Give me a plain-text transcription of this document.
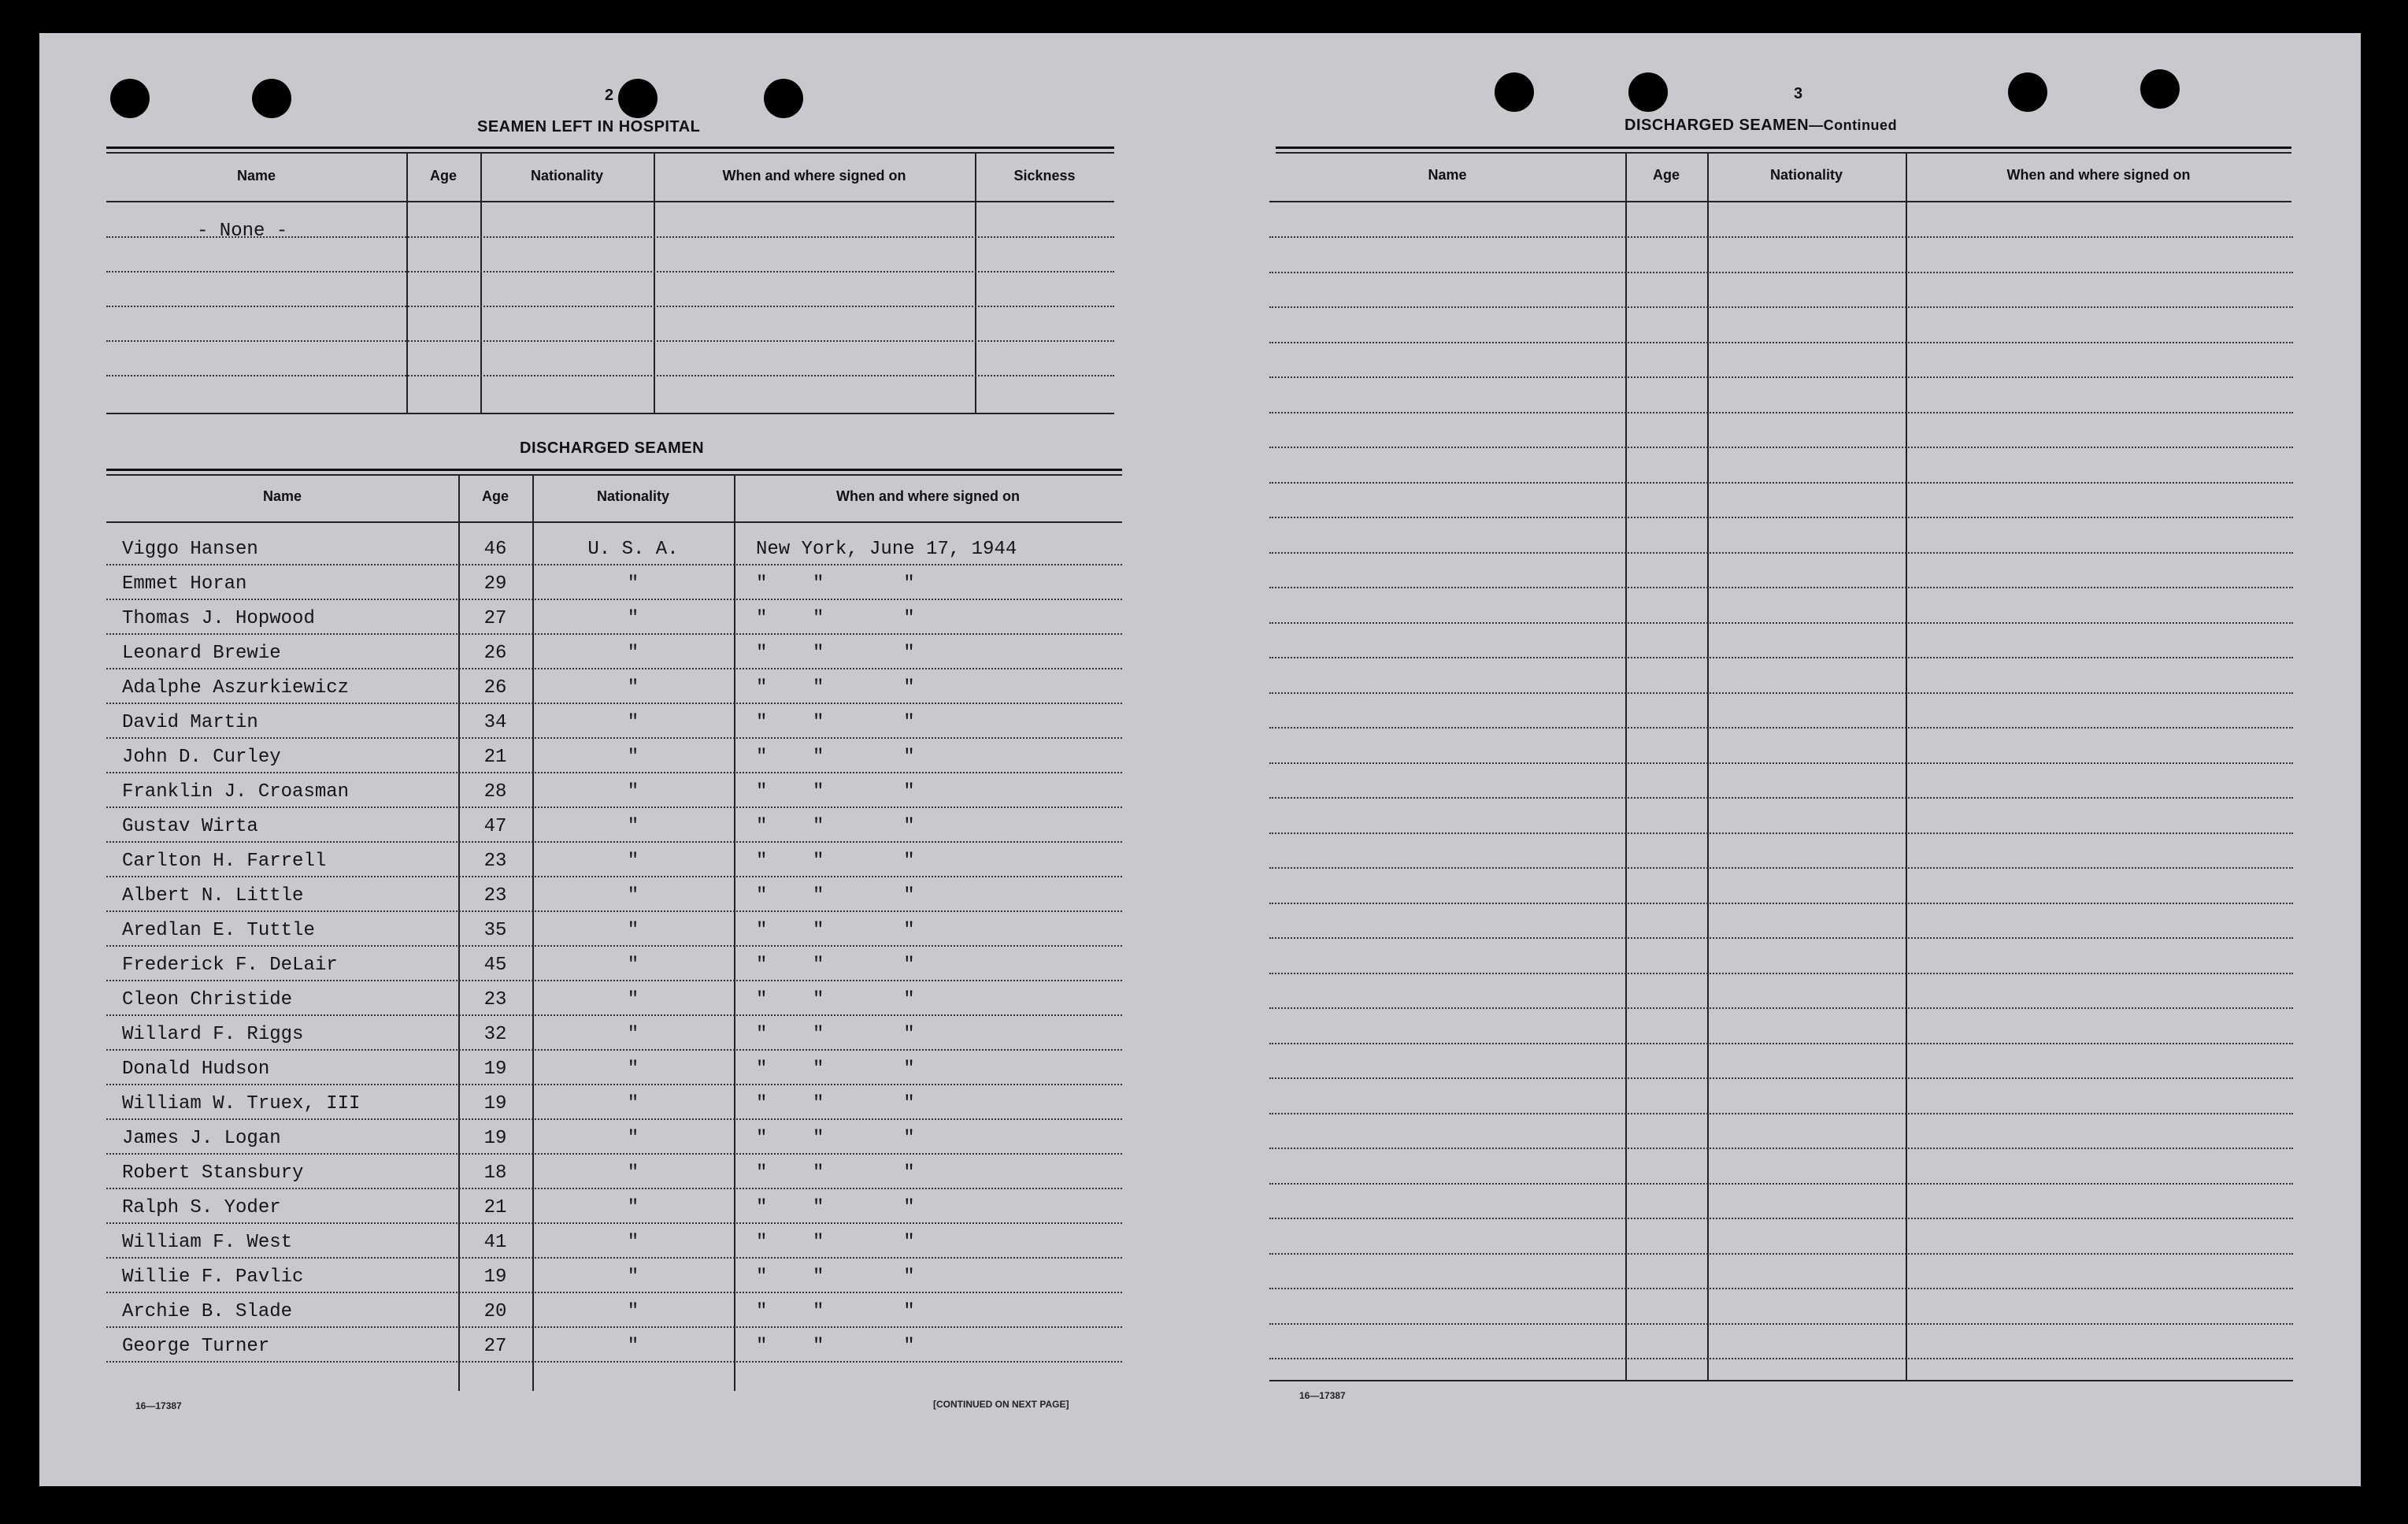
2
SEAMEN LEFT IN HOSPITAL
Name	Age	Nationality	When and where signed on	Sickness
- None -
DISCHARGED SEAMEN
Name	Age	Nationality	When and where signed on
Viggo Hansen	46	U. S. A.	New York, June 17, 1944
Emmet Horan	29	"	"    "       "
Thomas J. Hopwood	27	"	"    "       "
Leonard Brewie	26	"	"    "       "
Adalphe Aszurkiewicz	26	"	"    "       "
David Martin	34	"	"    "       "
John D. Curley	21	"	"    "       "
Franklin J. Croasman	28	"	"    "       "
Gustav Wirta	47	"	"    "       "
Carlton H. Farrell	23	"	"    "       "
Albert N. Little	23	"	"    "       "
Aredlan E. Tuttle	35	"	"    "       "
Frederick F. DeLair	45	"	"    "       "
Cleon Christide	23	"	"    "       "
Willard F. Riggs	32	"	"    "       "
Donald Hudson	19	"	"    "       "
William W. Truex, III	19	"	"    "       "
James J. Logan	19	"	"    "       "
Robert Stansbury	18	"	"    "       "
Ralph S. Yoder	21	"	"    "       "
William F. West	41	"	"    "       "
Willie F. Pavlic	19	"	"    "       "
Archie B. Slade	20	"	"    "       "
George Turner	27	"	"    "       "
16—17387	[CONTINUED ON NEXT PAGE]
3
DISCHARGED SEAMEN—Continued
Name	Age	Nationality	When and where signed on
16—17387
